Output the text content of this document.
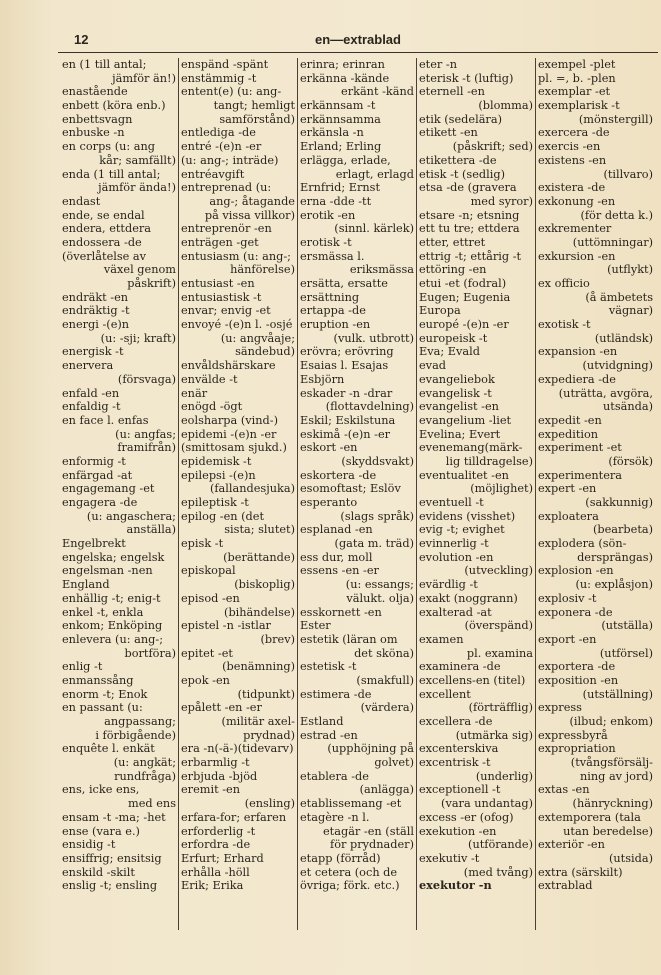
12	en—extrablad
en (1 till antal;
jämför än!)
enastående
enbett (köra enb.)
enbettsvagn
enbuske -n
en corps (u: ang
kår; samfällt)
enda (1 till antal;
jämför ända!)
endast
ende, se endal
endera, ettdera
endossera -de
(överlåtelse av
växel genom
påskrift)
endräkt -en
endräktig -t
energi -(e)n
(u: -sji; kraft)
energisk -t
enervera
(försvaga)
enfald -en
enfaldig -t
en face l. enfas
(u: angfas;
framifrån)
enformig -t
enfärgad -at
engagemang -et
engagera -de
(u: angaschera;
anställa)
Engelbrekt
engelska; engelsk
engelsman -nen
England
enhällig -t; enig-t
enkel -t, enkla
enkom; Enköping
enlevera (u: ang-;
bortföra)
enlig -t
enmanssång
enorm -t; Enok
en passant (u:
angpassang;
i förbigående)
enquête l. enkät
(u: angkät;
rundfråga)
ens, icke ens,
med ens
ensam -t -ma; -het
ense (vara e.)
ensidig -t
ensiffrig; ensitsig
enskild -skilt
enslig -t; ensling
enspänd -spänt
enstämmig -t
entent(e) (u: ang-
tangt; hemligt
samförstånd)
entlediga -de
entré -(e)n -er
(u: ang-; inträde)
entréavgift
entreprenad (u:
ang-; åtagande
på vissa villkor)
entreprenör -en
enträgen -get
entusiasm (u: ang-;
hänförelse)
entusiast -en
entusiastisk -t
envar; envig -et
envoyé -(e)n l. -osjé
(u: angvåaje;
sändebud)
envåldshärskare
envälde -t
enär
enögd -ögt
eolsharpa (vind-)
epidemi -(e)n -er
(smittosam sjukd.)
epidemisk -t
epilepsi -(e)n
(fallandesjuka)
epileptisk -t
epilog -en (det
sista; slutet)
episk -t
(berättande)
episkopal
(biskoplig)
episod -en
(bihändelse)
epistel -n -istlar
(brev)
epitet -et
(benämning)
epok -en
(tidpunkt)
epålett -en -er
(militär axel-
prydnad)
era -n(-ä-)(tidevarv)
erbarmlig -t
erbjuda -bjöd
eremit -en
(ensling)
erfara-for; erfaren
erforderlig -t
erfordra -de
Erfurt; Erhard
erhålla -höll
Erik; Erika
erinra; erinran
erkänna -kände
erkänt -känd
erkännsam -t
erkännsamma
erkänsla -n
Erland; Erling
erlägga, erlade,
erlagt, erlagd
Ernfrid; Ernst
erna -dde -tt
erotik -en
(sinnl. kärlek)
erotisk -t
ersmässa l.
eriksmässa
ersätta, ersatte
ersättning
ertappa -de
eruption -en
(vulk. utbrott)
erövra; erövring
Esaias l. Esajas
Esbjörn
eskader -n -drar
(flottavdelning)
Eskil; Eskilstuna
eskimå -(e)n -er
eskort -en
(skyddsvakt)
eskortera -de
esomoftast; Eslöv
esperanto
(slags språk)
esplanad -en
(gata m. träd)
ess dur, moll
essens -en -er
(u: essangs;
välukt. olja)
esskornett -en
Ester
estetik (läran om
det sköna)
estetisk -t
(smakfull)
estimera -de
(värdera)
Estland
estrad -en
(upphöjning på
golvet)
etablera -de
(anlägga)
etablissemang -et
etagère -n l.
etagär -en (ställ
för prydnader)
etapp (förråd)
et cetera (och de
övriga; förk. etc.)
eter -n
eterisk -t (luftig)
eternell -en
(blomma)
etik (sedelära)
etikett -en
(påskrift; sed)
etikettera -de
etisk -t (sedlig)
etsa -de (gravera
med syror)
etsare -n; etsning
ett tu tre; ettdera
etter, ettret
ettrig -t; ettårig -t
ettöring -en
etui -et (fodral)
Eugen; Eugenia
Europa
europé -(e)n -er
europeisk -t
Eva; Evald
evad
evangeliebok
evangelisk -t
evangelist -en
evangelium -liet
Evelina; Evert
evenemang(märk-
lig tilldragelse)
eventualitet -en
(möjlighet)
eventuell -t
evidens (visshet)
evig -t; evighet
evinnerlig -t
evolution -en
(utveckling)
evärdlig -t
exakt (noggrann)
exalterad -at
(överspänd)
examen
pl. examina
examinera -de
excellens-en (titel)
excellent
(förträfflig)
excellera -de
(utmärka sig)
excenterskiva
excentrisk -t
(underlig)
exceptionell -t
(vara undantag)
excess -er (ofog)
exekution -en
(utförande)
exekutiv -t
(med tvång)
exekutor -n
exempel -plet
pl. =, b. -plen
exemplar -et
exemplarisk -t
(mönstergill)
exercera -de
exercis -en
existens -en
(tillvaro)
existera -de
exkonung -en
(för detta k.)
exkrementer
(uttömningar)
exkursion -en
(utflykt)
ex officio
(å ämbetets
vägnar)
exotisk -t
(utländsk)
expansion -en
(utvidgning)
expediera -de
(uträtta, avgöra,
utsända)
expedit -en
expedition
experiment -et
(försök)
experimentera
expert -en
(sakkunnig)
exploatera
(bearbeta)
explodera (sön-
dersprängas)
explosion -en
(u: explåsjon)
explosiv -t
exponera -de
(utställa)
export -en
(utförsel)
exportera -de
exposition -en
(utställning)
express
(ilbud; enkom)
expressbyrå
expropriation
(tvångsförsälj-
ning av jord)
extas -en
(hänryckning)
extemporera (tala
utan beredelse)
exteriör -en
(utsida)
extra (särskilt)
extrablad
